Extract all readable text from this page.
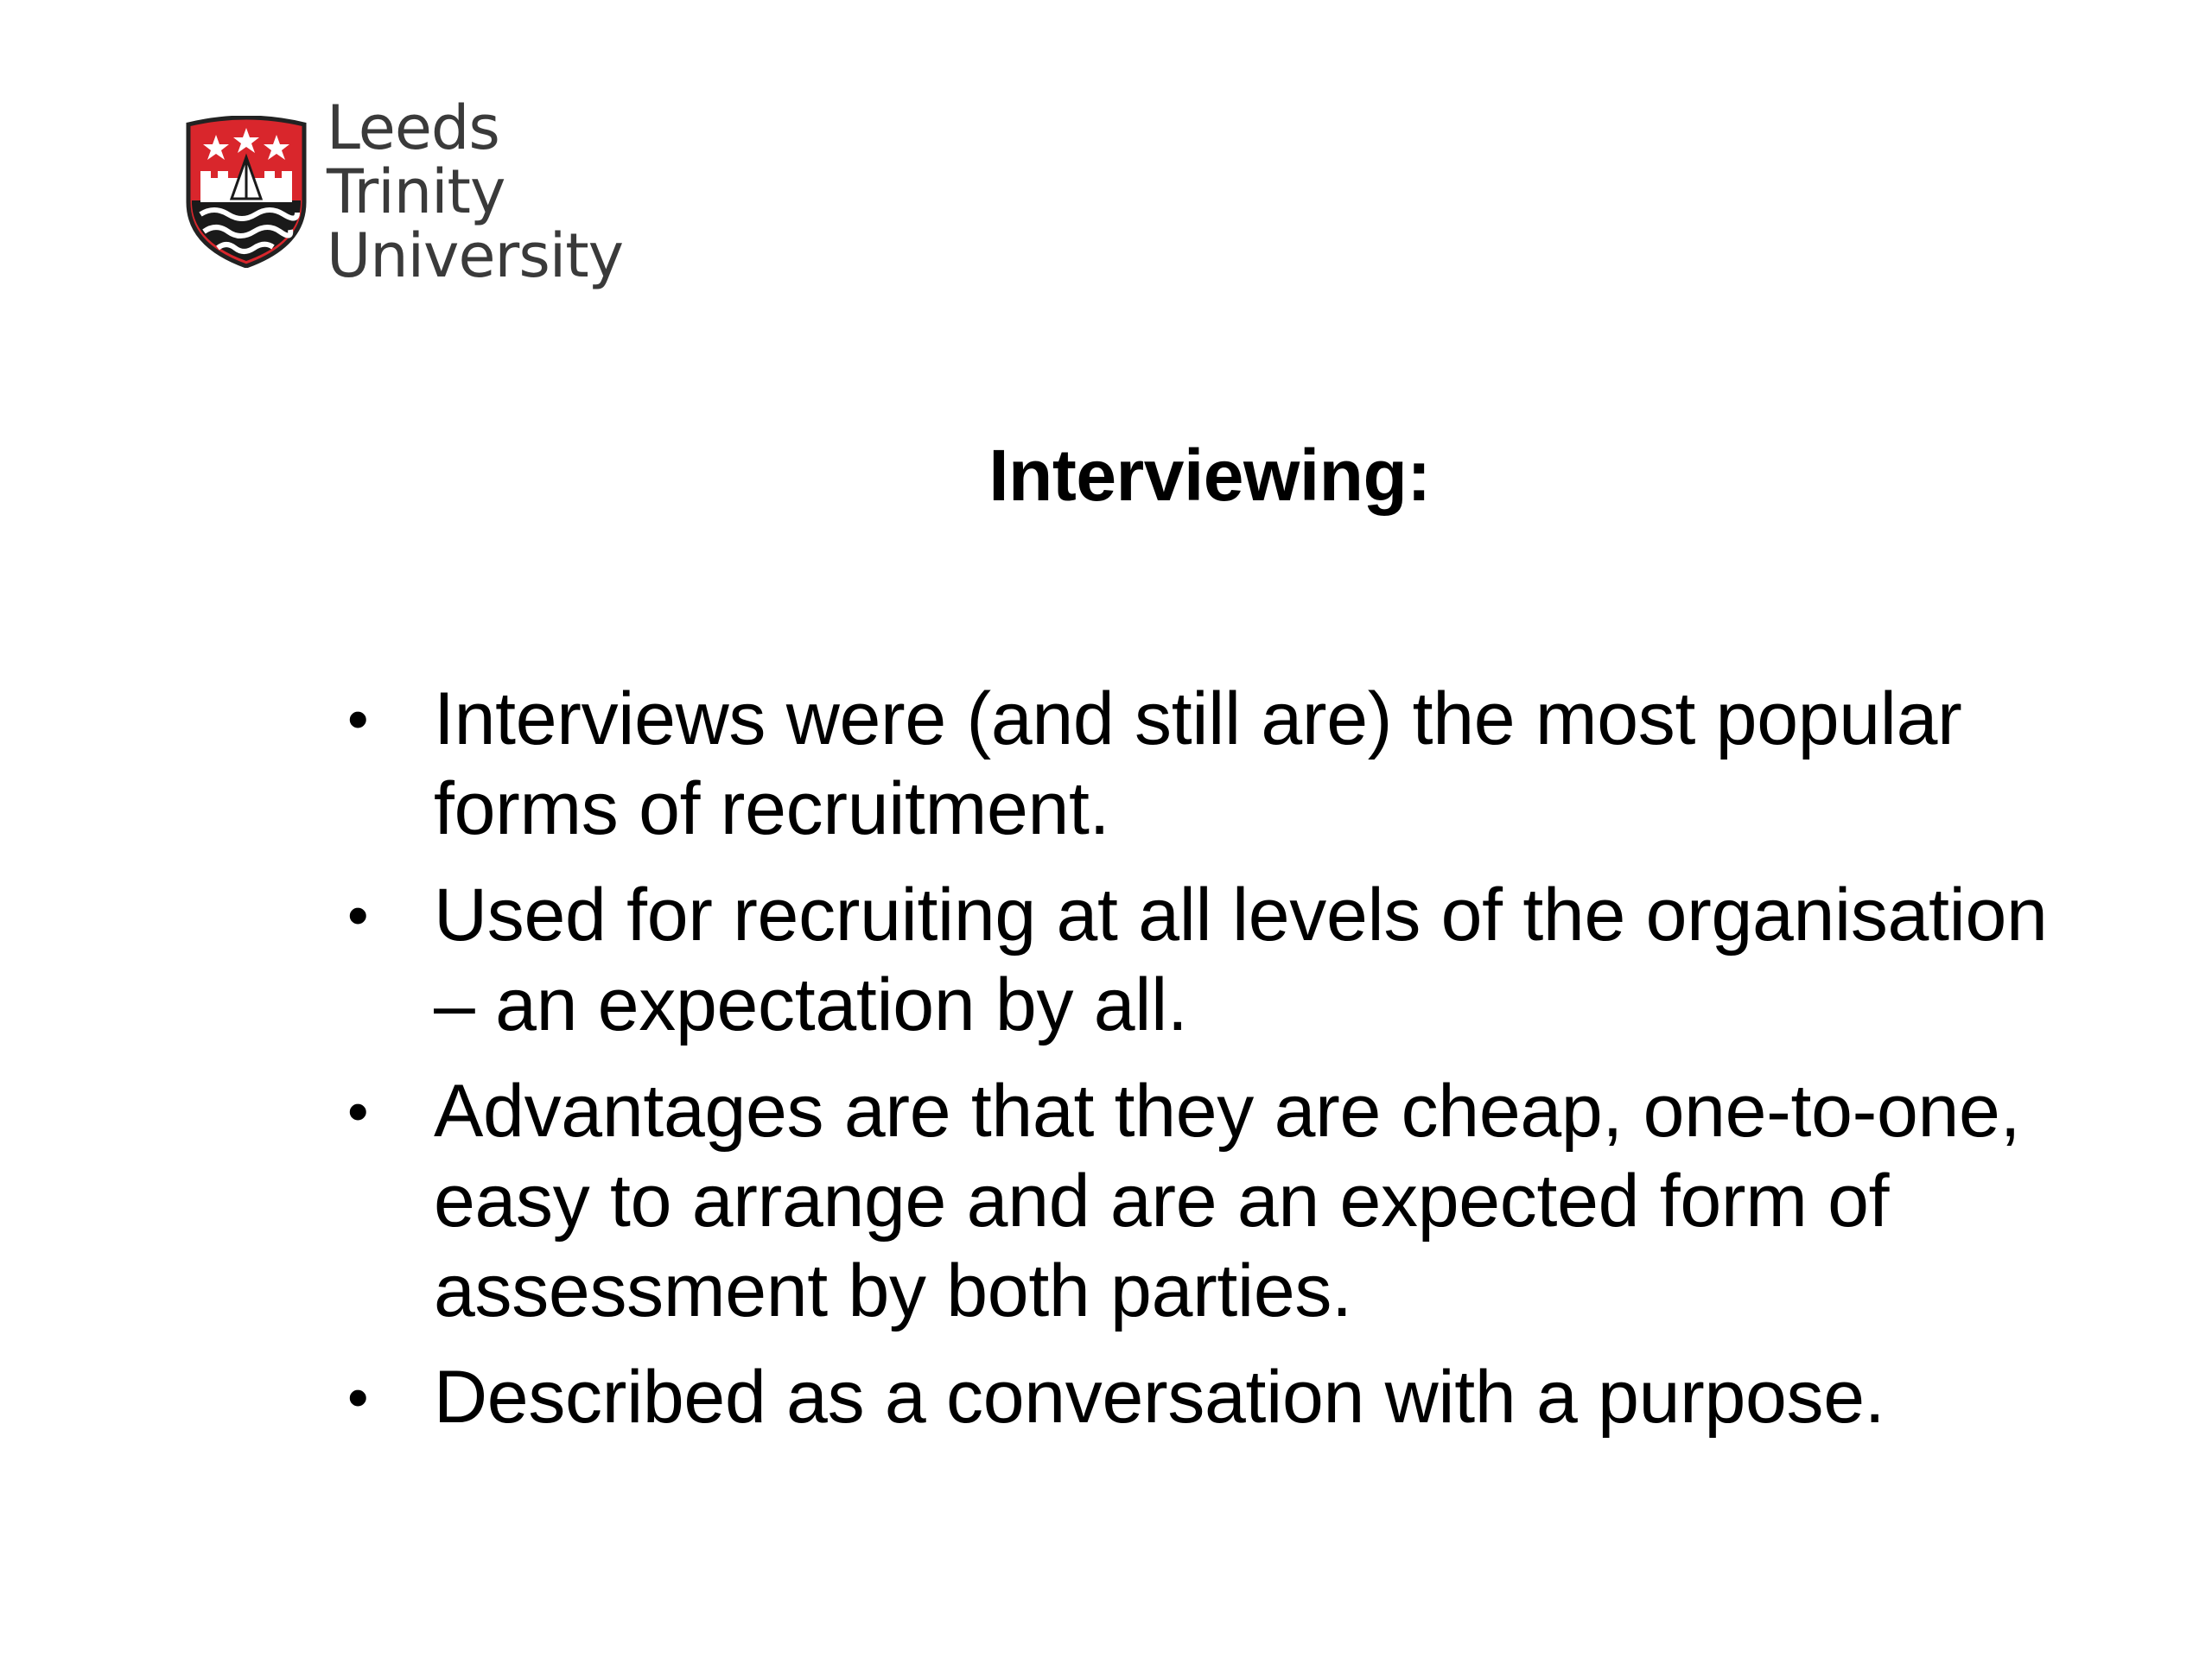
Leeds Trinity
University
Interviewing:
• Interviews were (and still are) the most popular forms of recruitment.
• Used for recruiting at all levels of the organisation – an expectation by all.
• Advantages are that they are cheap, one-to-one, easy to arrange and are an expected form of assessment by both parties.
• Described as a conversation with a purpose.
